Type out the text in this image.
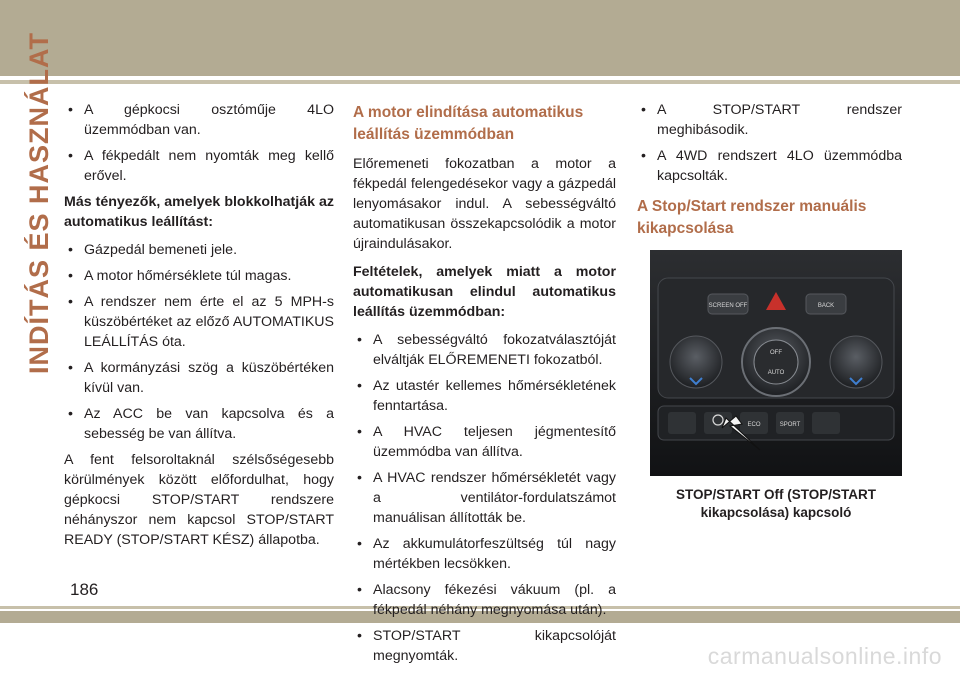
INDÍTÁS ÉS HASZNÁLAT
•	A gépkocsi osztóműje 4LO üzemmódban van.
• A fékpedált nem nyomták meg kellő erővel.

Más tényezők, amelyek blokkolhatják az automatikus leállítást:

• Gázpedál bemeneti jele.
• A motor hőmérséklete túl magas.
• A rendszer nem érte el az 5 MPH-s küszöbértéket az előző AUTOMATIKUS LEÁLLÍTÁS óta.
• A kormányzási szög a küszöbértéken kívül van.
• Az ACC be van kapcsolva és a sebesség be van állítva.

A fent felsoroltaknál szélsőségesebb körülmények között előfordulhat, hogy gépkocsi STOP/START rendszere néhányszor nem kapcsol STOP/START READY (STOP/START KÉSZ) állapotba.

A motor elindítása automatikus leállítás üzemmódban

Előremeneti fokozatban a motor a fékpedál felengedésekor vagy a gázpedál lenyomásakor indul. A sebességváltó automatikusan összekapcsolódik a motor újraindulásakor.

Feltételek, amelyek miatt a motor automatikusan elindul automatikus leállítás üzemmódban:

• A sebességváltó fokozatválasztóját elváltják ELŐREMENETI fokozatból.
• Az utastér kellemes hőmérsékletének fenntartása.
• A HVAC teljesen jégmentesítő üzemmódba van állítva.
• A HVAC rendszer hőmérsékletét vagy a ventilátor-fordulatszámot manuálisan állították be.
• Az akkumulátorfeszültség túl nagy mértékben lecsökken.
• Alacsony fékezési vákuum (pl. a fékpedál néhány megnyomása után).
• STOP/START kikapcsolóját megnyomták.
• A STOP/START rendszer meghibásodik.
• A 4WD rendszert 4LO üzemmódba kapcsolták.
A Stop/Start rendszer manuális kikapcsolása
SCREEN OFF	BACK
OFF
AUTO
ECO	SPORT
STOP/START Off (STOP/START kikapcsolása) kapcsoló
186
carmanualsonline.info
